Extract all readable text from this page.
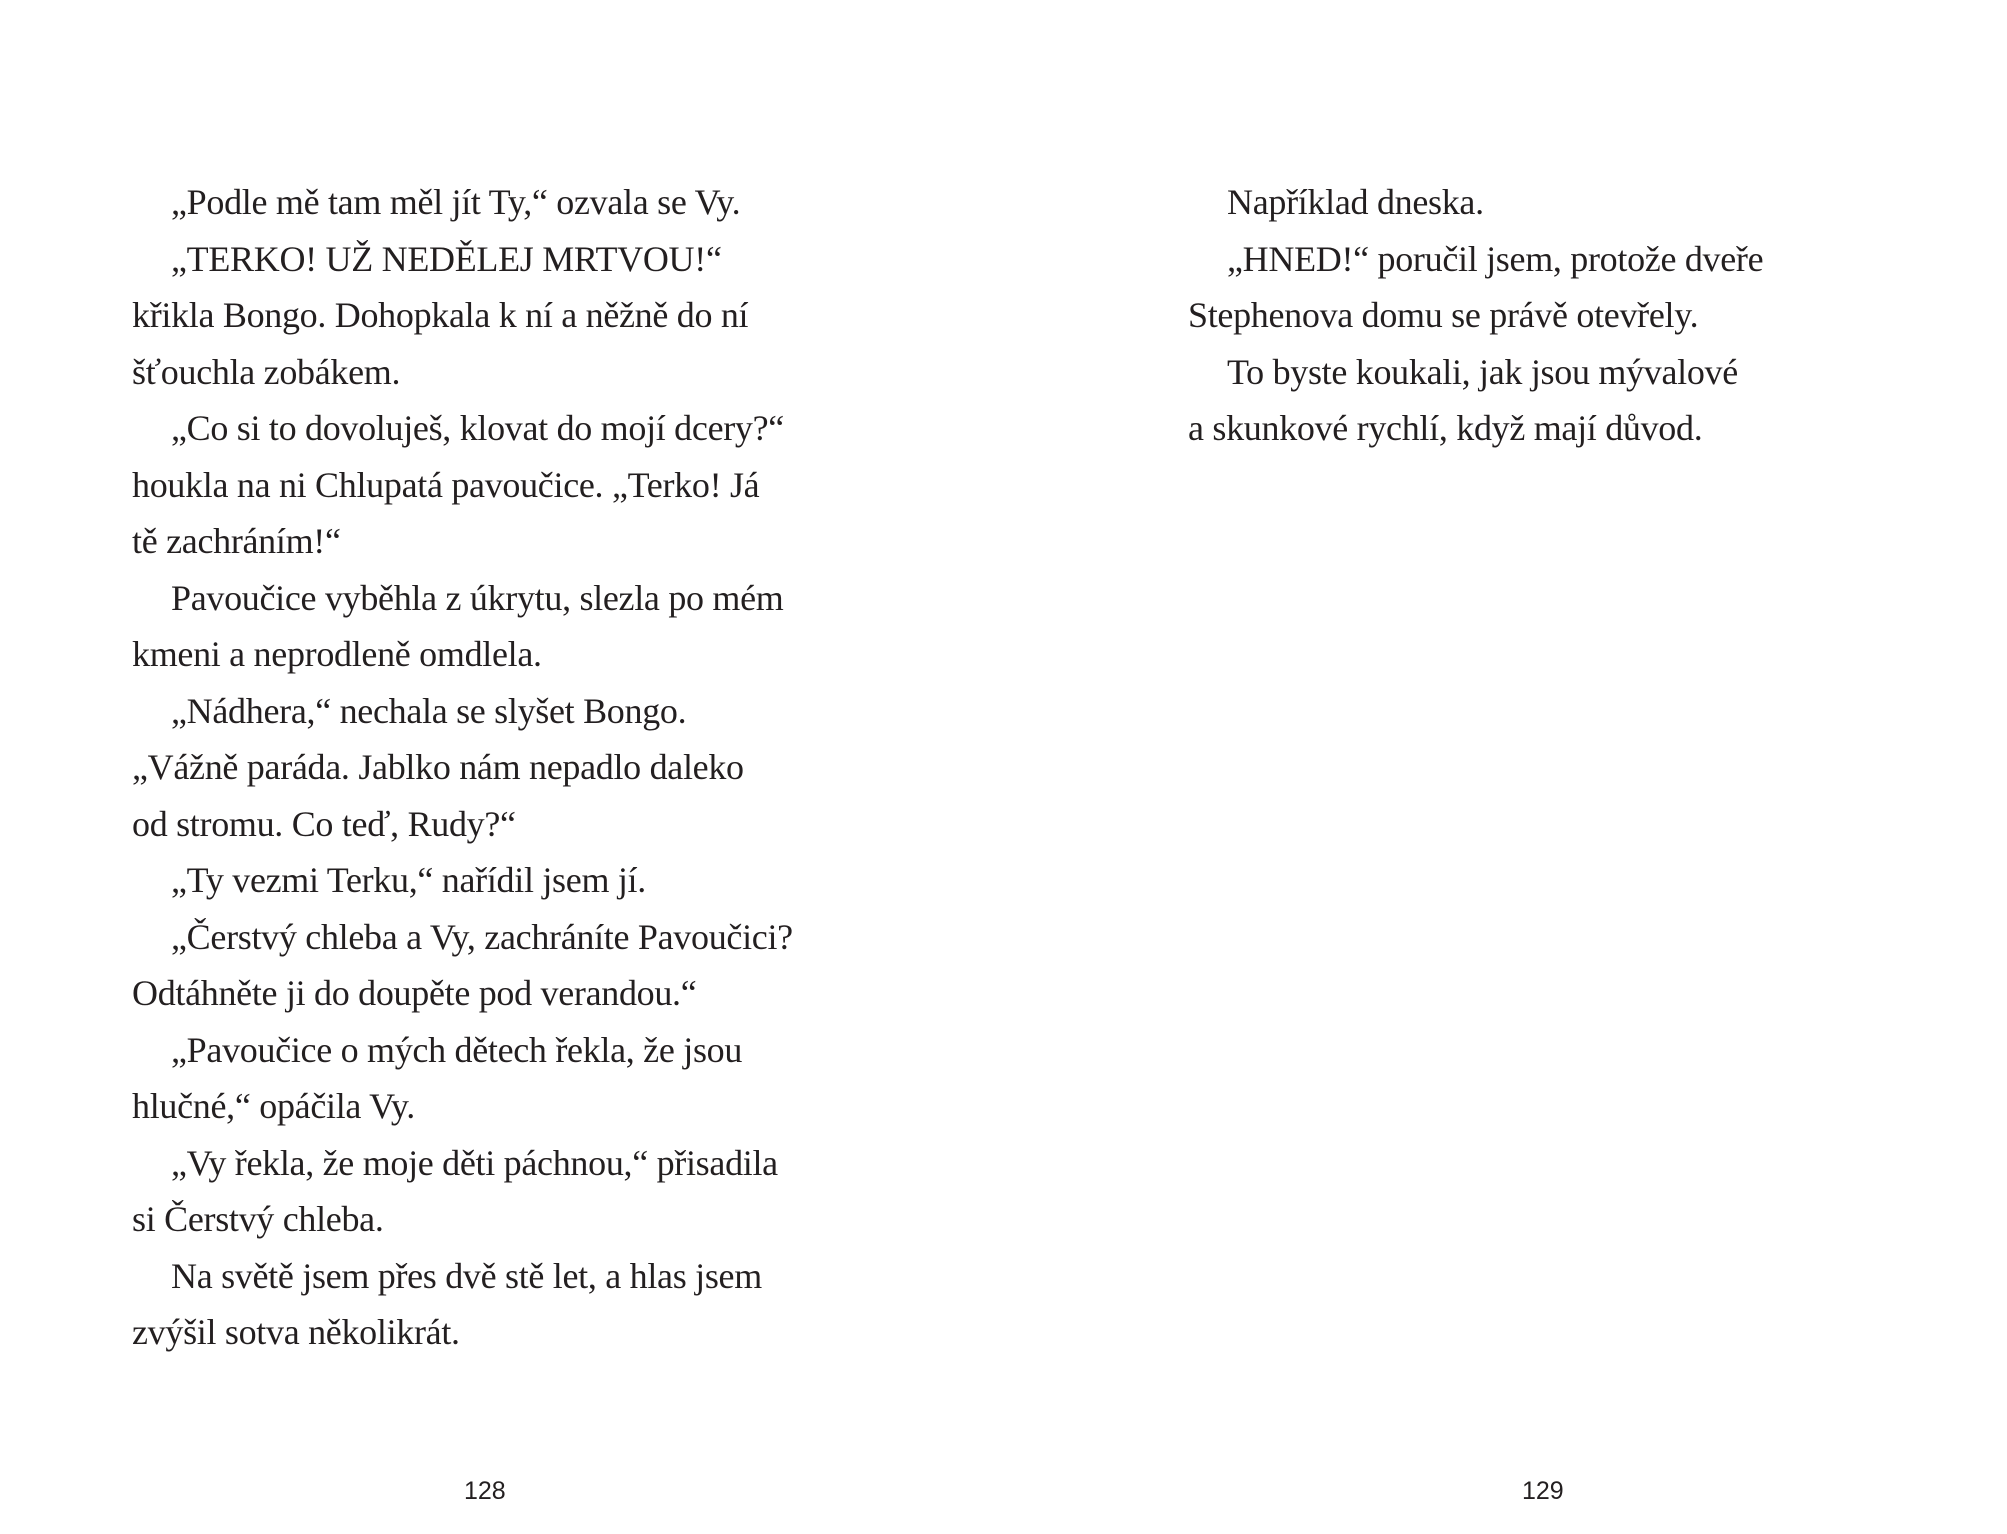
„Podle mě tam měl jít Ty,“ ozvala se Vy.

„TERKO! UŽ NEDĚLEJ MRTVOU!“
křikla Bongo. Dohopkala k ní a něžně do ní
šťouchla zobákem.

„Co si to dovoluješ, klovat do mojí dcery?“
houkla na ni Chlupatá pavoučice. „Terko! Já
tě zachráním!“

Pavoučice vyběhla z úkrytu, slezla po mém
kmeni a neprodleně omdlela.

„Nádhera,“ nechala se slyšet Bongo.
„Vážně paráda. Jablko nám nepadlo daleko
od stromu. Co teď, Rudy?“

„Ty vezmi Terku,“ nařídil jsem jí.

„Čerstvý chleba a Vy, zachráníte Pavoučici?
Odtáhněte ji do doupěte pod verandou.“

„Pavoučice o mých dětech řekla, že jsou
hlučné,“ opáčila Vy.

„Vy řekla, že moje děti páchnou,“ přisadila
si Čerstvý chleba.

Na světě jsem přes dvě stě let, a hlas jsem
zvýšil sotva několikrát.

128

Například dneska.

„HNED!“ poručil jsem, protože dveře
Stephenova domu se právě otevřely.

To byste koukali, jak jsou mývalové
a skunkové rychlí, když mají důvod.

129
